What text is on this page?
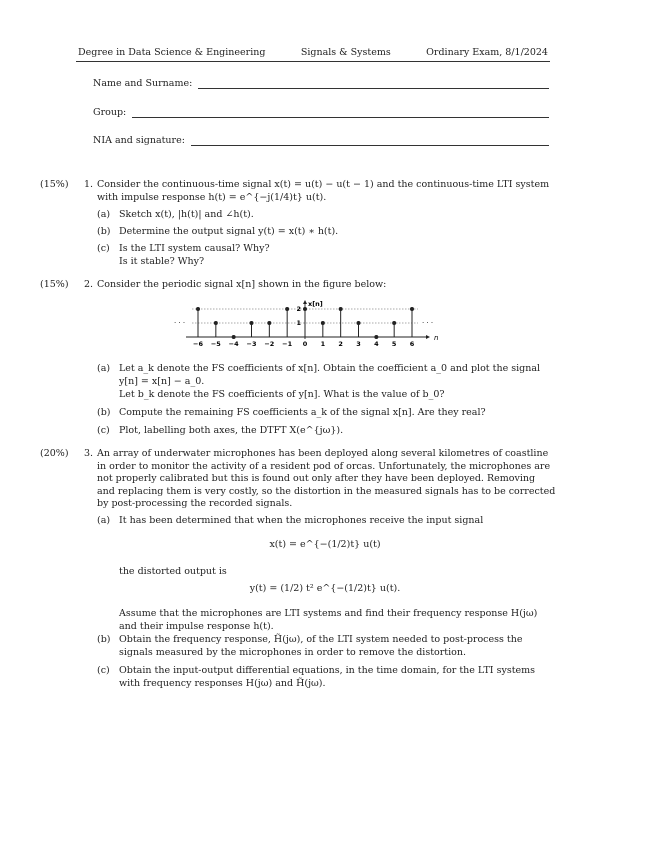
Degree in Data Science & Engineering	Signals & Systems	Ordinary Exam, 8/1/2024
Name and Surname:
Group:
NIA and signature:
(15%) 1. Consider the continuous-time signal x(t) = u(t) − u(t − 1) and the continuous-time LTI system
with impulse response h(t) = e^{−j(1/4)t} u(t).
(a) Sketch x(t), |h(t)| and ∠h(t).
(b) Determine the output signal y(t) = x(t) ∗ h(t).
(c) Is the LTI system causal? Why?
Is it stable? Why?
(15%) 2. Consider the periodic signal x[n] shown in the figure below:
−6 −5 −4 −3 −2 −1 0 1 2 3 4 5 6
1
2
x[n]
n
· · ·	· · ·
(a) Let a_k denote the FS coefficients of x[n]. Obtain the coefficient a_0 and plot the signal
y[n] = x[n] − a_0.
Let b_k denote the FS coefficients of y[n]. What is the value of b_0?
(b) Compute the remaining FS coefficients a_k of the signal x[n]. Are they real?
(c) Plot, labelling both axes, the DTFT X(e^{jω}).
(20%) 3. An array of underwater microphones has been deployed along several kilometres of coastline
in order to monitor the activity of a resident pod of orcas. Unfortunately, the microphones are
not properly calibrated but this is found out only after they have been deployed. Removing
and replacing them is very costly, so the distortion in the measured signals has to be corrected
by post-processing the recorded signals.
(a) It has been determined that when the microphones receive the input signal
x(t) = e^{−(1/2)t} u(t)
the distorted output is
y(t) = (1/2) t² e^{−(1/2)t} u(t).
Assume that the microphones are LTI systems and find their frequency response H(jω)
and their impulse response h(t).
(b) Obtain the frequency response, H̃(jω), of the LTI system needed to post-process the
signals measured by the microphones in order to remove the distortion.
(c) Obtain the input-output differential equations, in the time domain, for the LTI systems
with frequency responses H(jω) and H̃(jω).
